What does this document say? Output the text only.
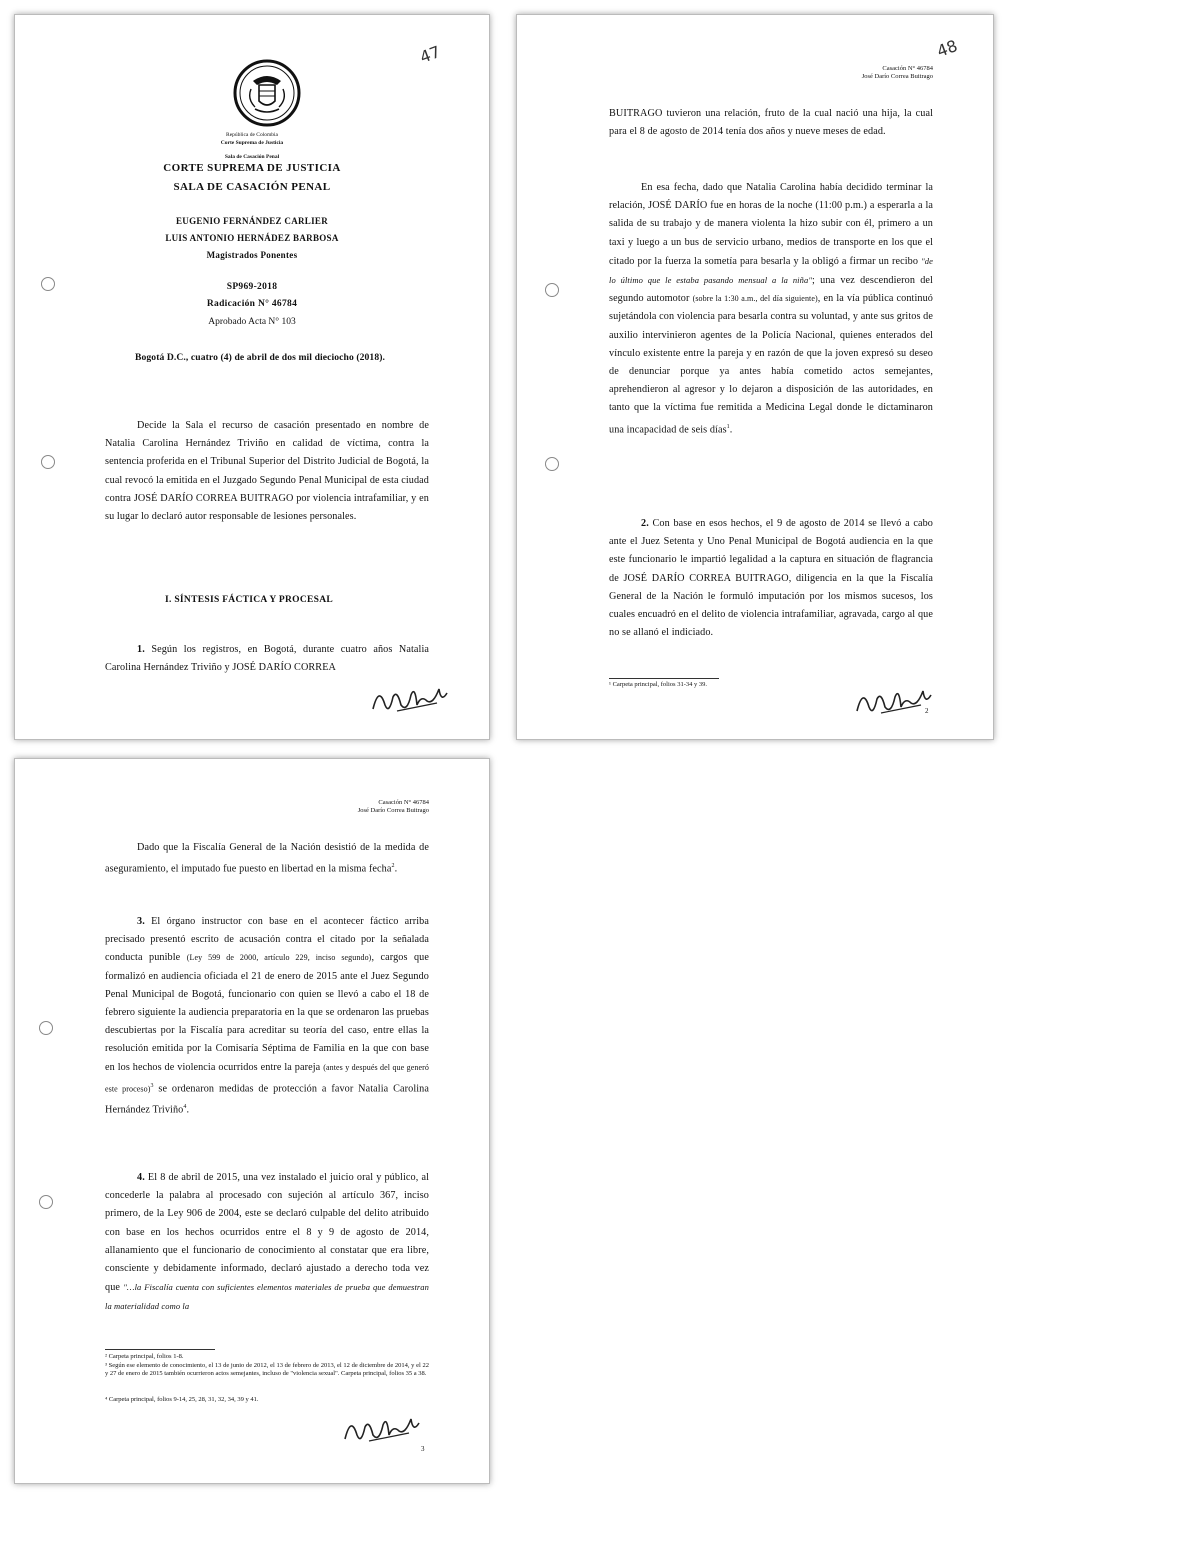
47
República de Colombia
Corte Suprema de Justicia
Sala de Casación Penal
CORTE SUPREMA DE JUSTICIA
SALA DE CASACIÓN PENAL
EUGENIO FERNÁNDEZ CARLIER
LUIS ANTONIO HERNÁDEZ BARBOSA
Magistrados Ponentes
SP969-2018
Radicación N° 46784
Aprobado Acta N° 103
Bogotá D.C., cuatro (4) de abril de dos mil dieciocho (2018).
Decide la Sala el recurso de casación presentado en nombre de Natalia Carolina Hernández Triviño en calidad de víctima, contra la sentencia proferida en el Tribunal Superior del Distrito Judicial de Bogotá, la cual revocó la emitida en el Juzgado Segundo Penal Municipal de esta ciudad contra JOSÉ DARÍO CORREA BUITRAGO por violencia intrafamiliar, y en su lugar lo declaró autor responsable de lesiones personales.
I. SÍNTESIS FÁCTICA Y PROCESAL
1. Según los registros, en Bogotá, durante cuatro años Natalia Carolina Hernández Triviño y JOSÉ DARÍO CORREA
48
Casación N° 46784
José Darío Correa Buitrago
BUITRAGO tuvieron una relación, fruto de la cual nació una hija, la cual para el 8 de agosto de 2014 tenía dos años y nueve meses de edad.
En esa fecha, dado que Natalia Carolina había decidido terminar la relación, JOSÉ DARÍO fue en horas de la noche (11:00 p.m.) a esperarla a la salida de su trabajo y de manera violenta la hizo subir con él, primero a un taxi y luego a un bus de servicio urbano, medios de transporte en los que el citado por la fuerza la sometía para besarla y la obligó a firmar un recibo "de lo último que le estaba pasando mensual a la niña"; una vez descendieron del segundo automotor (sobre la 1:30 a.m., del día siguiente), en la vía pública continuó sujetándola con violencia para besarla contra su voluntad, y ante sus gritos de auxilio intervinieron agentes de la Policía Nacional, quienes enterados del vínculo existente entre la pareja y en razón de que la joven expresó su deseo de denunciar porque ya antes había cometido actos semejantes, aprehendieron al agresor y lo dejaron a disposición de las autoridades, en tanto que la víctima fue remitida a Medicina Legal donde le dictaminaron una incapacidad de seis días$^1$.
2. Con base en esos hechos, el 9 de agosto de 2014 se llevó a cabo ante el Juez Setenta y Uno Penal Municipal de Bogotá audiencia en la que este funcionario le impartió legalidad a la captura en situación de flagrancia de JOSÉ DARÍO CORREA BUITRAGO, diligencia en la que la Fiscalía General de la Nación le formuló imputación por los mismos sucesos, los cuales encuadró en el delito de violencia intrafamiliar, agravada, cargo al que no se allanó el indiciado.
¹ Carpeta principal, folios 31-34 y 39.
2
Casación N° 46784
José Darío Correa Buitrago
Dado que la Fiscalía General de la Nación desistió de la medida de aseguramiento, el imputado fue puesto en libertad en la misma fecha$^2$.
3. El órgano instructor con base en el acontecer fáctico arriba precisado presentó escrito de acusación contra el citado por la señalada conducta punible (Ley 599 de 2000, artículo 229, inciso segundo), cargos que formalizó en audiencia oficiada el 21 de enero de 2015 ante el Juez Segundo Penal Municipal de Bogotá, funcionario con quien se llevó a cabo el 18 de febrero siguiente la audiencia preparatoria en la que se ordenaron las pruebas descubiertas por la Fiscalía para acreditar su teoría del caso, entre ellas la resolución emitida por la Comisaría Séptima de Familia en la que con base en los hechos de violencia ocurridos entre la pareja (antes y después del que generó este proceso)$^3$ se ordenaron medidas de protección a favor Natalia Carolina Hernández Triviño$^4$.
4. El 8 de abril de 2015, una vez instalado el juicio oral y público, al concederle la palabra al procesado con sujeción al artículo 367, inciso primero, de la Ley 906 de 2004, este se declaró culpable del delito atribuido con base en los hechos ocurridos entre el 8 y 9 de agosto de 2014, allanamiento que el funcionario de conocimiento al constatar que era libre, consciente y debidamente informado, declaró ajustado a derecho toda vez que "…la Fiscalía cuenta con suficientes elementos materiales de prueba que demuestran la materialidad como la
² Carpeta principal, folios 1-8.
³ Según ese elemento de conocimiento, el 13 de junio de 2012, el 13 de febrero de 2013, el 12 de diciembre de 2014, y el 22 y 27 de enero de 2015 también ocurrieron actos semejantes, incluso de "violencia sexual". Carpeta principal, folios 35 a 38.
⁴ Carpeta principal, folios 9-14, 25, 28, 31, 32, 34, 39 y 41.
3
